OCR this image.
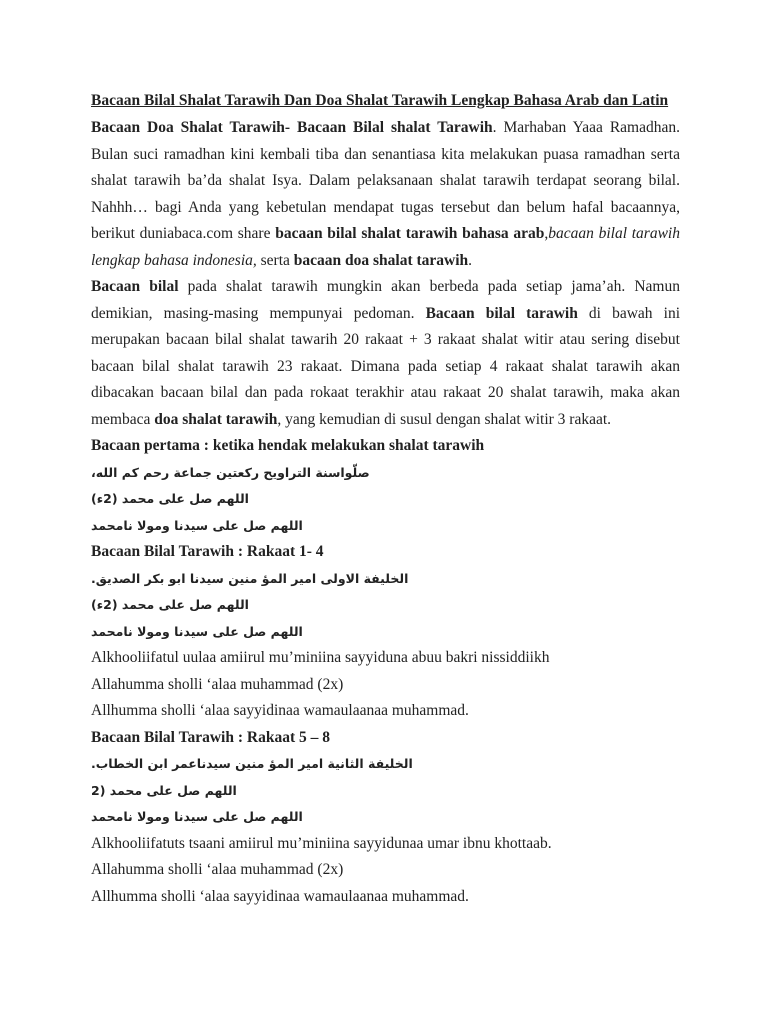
Bacaan Bilal Shalat Tarawih Dan Doa Shalat Tarawih Lengkap Bahasa Arab dan Latin

Bacaan Doa Shalat Tarawih- Bacaan Bilal shalat Tarawih. Marhaban Yaaa Ramadhan. Bulan suci ramadhan kini kembali tiba dan senantiasa kita melakukan puasa ramadhan serta shalat tarawih ba’da shalat Isya. Dalam pelaksanaan shalat tarawih terdapat seorang bilal. Nahhh… bagi Anda yang kebetulan mendapat tugas tersebut dan belum hafal bacaannya, berikut duniabaca.com share bacaan bilal shalat tarawih bahasa arab,bacaan bilal tarawih lengkap bahasa indonesia, serta bacaan doa shalat tarawih.

Bacaan bilal pada shalat tarawih mungkin akan berbeda pada setiap jama’ah. Namun demikian, masing-masing mempunyai pedoman. Bacaan bilal tarawih di bawah ini merupakan bacaan bilal shalat tawarih 20 rakaat + 3 rakaat shalat witir atau sering disebut bacaan bilal shalat tarawih 23 rakaat. Dimana pada setiap 4 rakaat shalat tarawih akan dibacakan bacaan bilal dan pada rokaat terakhir atau rakaat 20 shalat tarawih, maka akan membaca doa shalat tarawih, yang kemudian di susul dengan shalat witir 3 rakaat.

Bacaan pertama : ketika hendak melakukan shalat tarawih

صلّواسنة التراويح ركعتين جماعة رحم كم الله،

اللهم صل على محمد (2ء)

اللهم صل على سيدنا ومولا نامحمد

Bacaan Bilal Tarawih : Rakaat 1- 4

الخليفة الاولى امير المؤ منين سيدنا ابو بكر الصديق.

اللهم صل على محمد (2ء)

اللهم صل على سيدنا ومولا نامحمد

Alkhooliifatul uulaa amiirul mu’miniina sayyiduna abuu bakri nissiddiikh

Allahumma sholli ‘alaa muhammad (2x)

Allhumma sholli ‘alaa sayyidinaa wamaulaanaa muhammad.

Bacaan Bilal Tarawih : Rakaat 5 – 8

الخليفة الثانية امير المؤ منين سيدناعمر ابن الخطاب.

اللهم صل على محمد (2

اللهم صل على سيدنا ومولا نامحمد

Alkhooliifatuts tsaani amiirul mu’miniina sayyidunaa umar ibnu khottaab.

Allahumma sholli ‘alaa muhammad (2x)

Allhumma sholli ‘alaa sayyidinaa wamaulaanaa muhammad.
